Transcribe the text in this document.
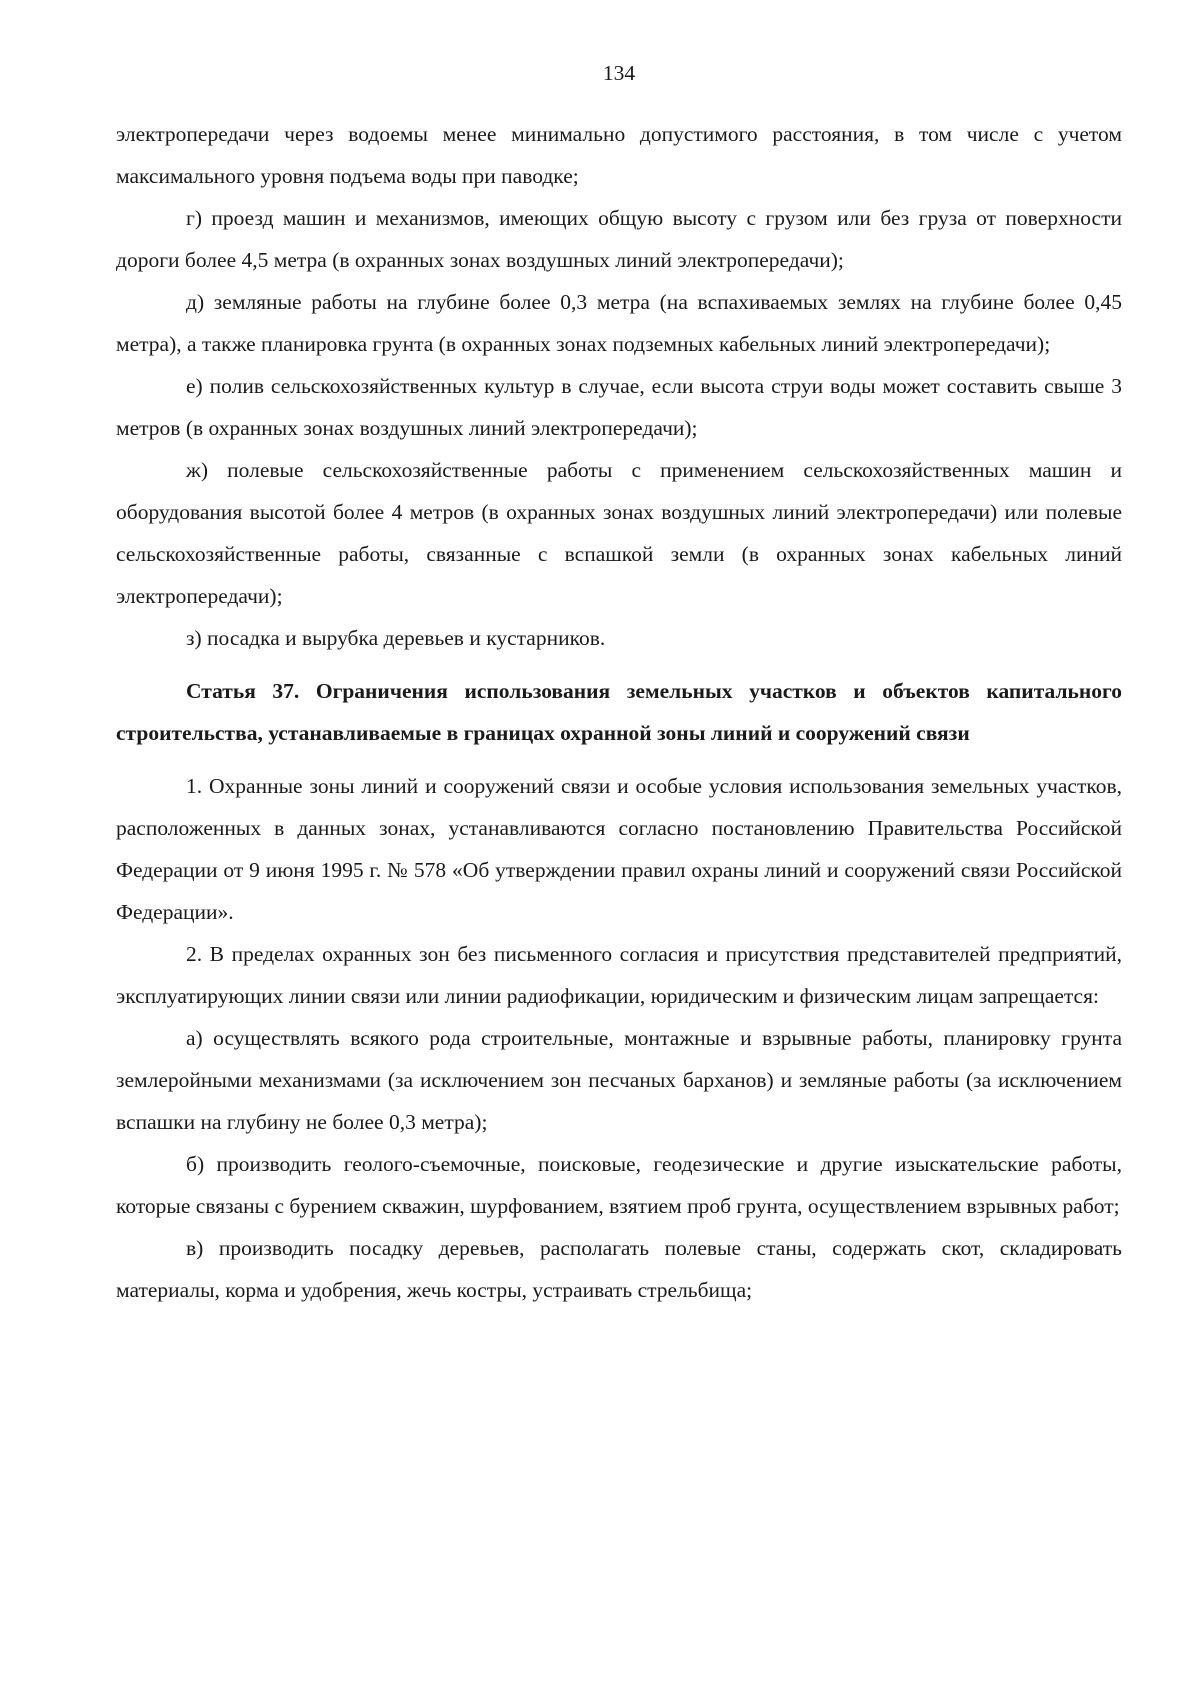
134

электропередачи через водоемы менее минимально допустимого расстояния, в том числе с учетом максимального уровня подъема воды при паводке;

г) проезд машин и механизмов, имеющих общую высоту с грузом или без груза от поверхности дороги более 4,5 метра (в охранных зонах воздушных линий электропередачи);

д) земляные работы на глубине более 0,3 метра (на вспахиваемых землях на глубине более 0,45 метра), а также планировка грунта (в охранных зонах подземных кабельных линий электропередачи);

е) полив сельскохозяйственных культур в случае, если высота струи воды может составить свыше 3 метров (в охранных зонах воздушных линий электропередачи);

ж) полевые сельскохозяйственные работы с применением сельскохозяйственных машин и оборудования высотой более 4 метров (в охранных зонах воздушных линий электропередачи) или полевые сельскохозяйственные работы, связанные с вспашкой земли (в охранных зонах кабельных линий электропередачи);

з) посадка и вырубка деревьев и кустарников.

Статья 37. Ограничения использования земельных участков и объектов капитального строительства, устанавливаемые в границах охранной зоны линий и сооружений связи

1. Охранные зоны линий и сооружений связи и особые условия использования земельных участков, расположенных в данных зонах, устанавливаются согласно постановлению Правительства Российской Федерации от 9 июня 1995 г. № 578 «Об утверждении правил охраны линий и сооружений связи Российской Федерации».

2. В пределах охранных зон без письменного согласия и присутствия представителей предприятий, эксплуатирующих линии связи или линии радиофикации, юридическим и физическим лицам запрещается:

а) осуществлять всякого рода строительные, монтажные и взрывные работы, планировку грунта землеройными механизмами (за исключением зон песчаных барханов) и земляные работы (за исключением вспашки на глубину не более 0,3 метра);

б) производить геолого-съемочные, поисковые, геодезические и другие изыскательские работы, которые связаны с бурением скважин, шурфованием, взятием проб грунта, осуществлением взрывных работ;

в) производить посадку деревьев, располагать полевые станы, содержать скот, складировать материалы, корма и удобрения, жечь костры, устраивать стрельбища;
